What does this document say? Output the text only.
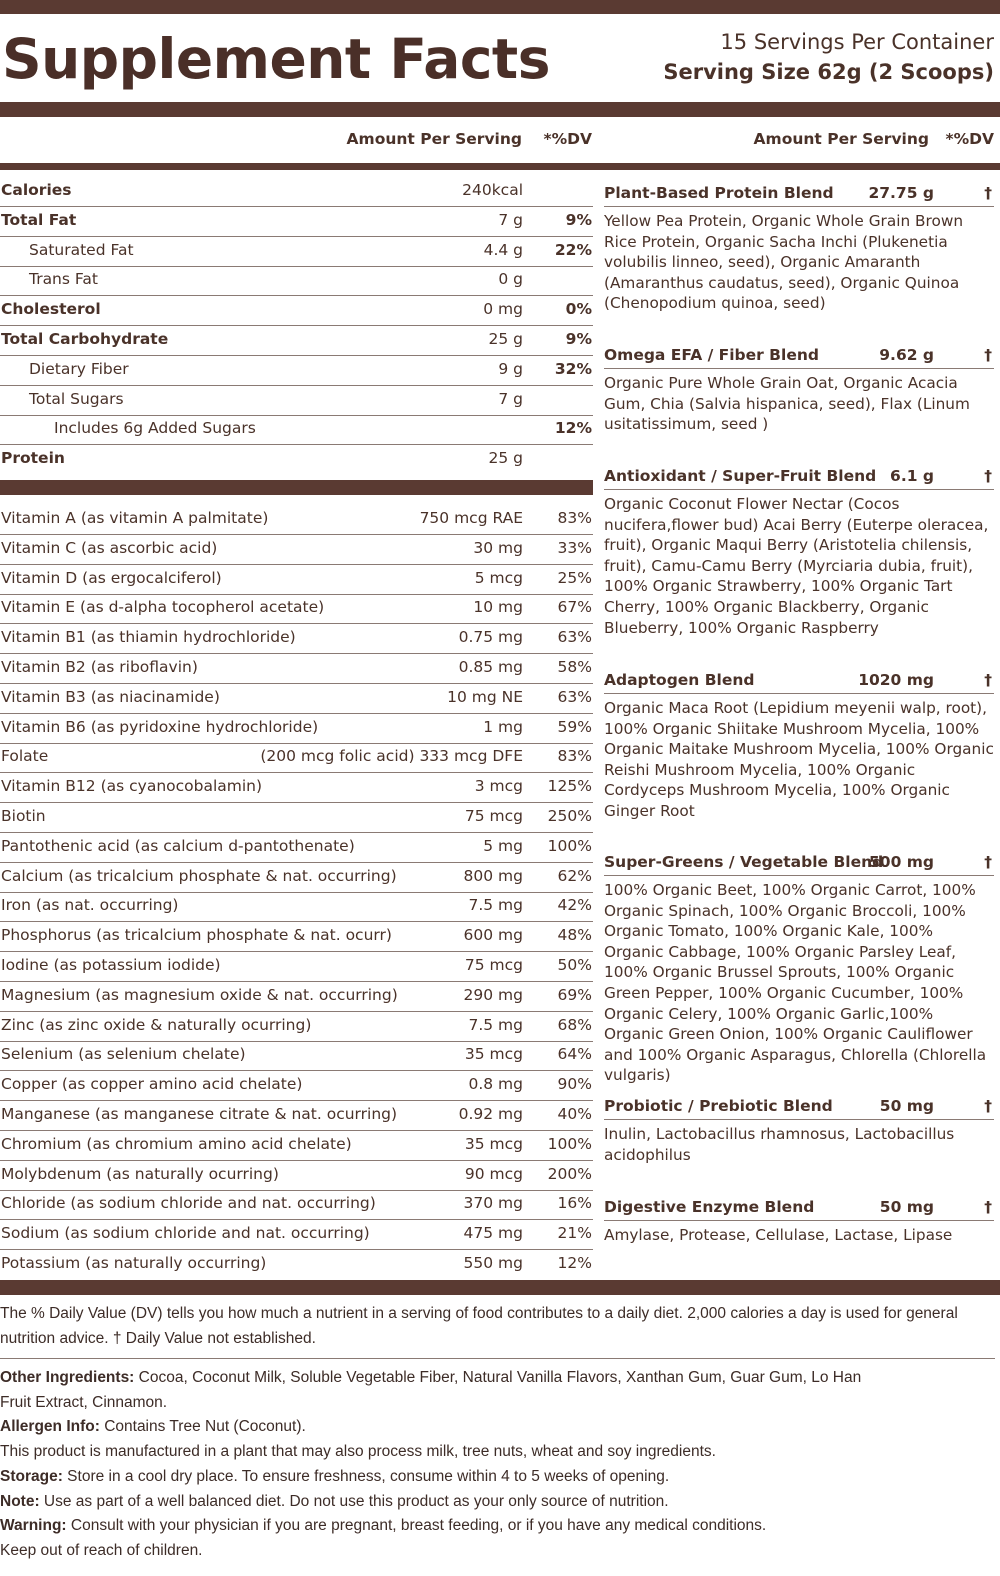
Supplement Facts	15 Servings Per Container
Serving Size 62g (2 Scoops)
Amount Per Serving *%DV	Amount Per Serving *%DV
Calories	240kcal
Total Fat	7 g	9%
Saturated Fat	4.4 g 22%
Trans Fat	0 g
Cholesterol	0 mg	0%
Total Carbohydrate	25 g	9%
Dietary Fiber	9 g 32%
Total Sugars	7 g
Includes 6g Added Sugars	12%
Protein	25 g
Vitamin A (as vitamin A palmitate)	750 mcg RAE 83%
Vitamin C (as ascorbic acid)	30 mg 33%
Vitamin D (as ergocalciferol)	5 mcg 25%
Vitamin E (as d-alpha tocopherol acetate)	10 mg 67%
Vitamin B1 (as thiamin hydrochloride)	0.75 mg 63%
Vitamin B2 (as riboflavin)	0.85 mg 58%
Vitamin B3 (as niacinamide)	10 mg NE 63%
Vitamin B6 (as pyridoxine hydrochloride)	1 mg 59%
Folate	(200 mcg folic acid) 333 mcg DFE 83%
Vitamin B12 (as cyanocobalamin)	3 mcg 125%
Biotin	75 mcg 250%
Pantothenic acid (as calcium d-pantothenate)	5 mg 100%
Calcium (as tricalcium phosphate & nat. occurring)	800 mg 62%
Iron (as nat. occurring)	7.5 mg 42%
Phosphorus (as tricalcium phosphate & nat. ocurr)	600 mg 48%
Iodine (as potassium iodide)	75 mcg 50%
Magnesium (as magnesium oxide & nat. occurring)	290 mg 69%
Zinc (as zinc oxide & naturally ocurring)	7.5 mg 68%
Selenium (as selenium chelate)	35 mcg 64%
Copper (as copper amino acid chelate)	0.8 mg 90%
Manganese (as manganese citrate & nat. ocurring)	0.92 mg 40%
Chromium (as chromium amino acid chelate)	35 mcg 100%
Molybdenum (as naturally ocurring)	90 mcg 200%
Chloride (as sodium chloride and nat. occurring)	370 mg 16%
Sodium (as sodium chloride and nat. occurring)	475 mg 21%
Potassium (as naturally occurring)	550 mg 12%
Plant-Based Protein Blend 27.75 g	†
Yellow Pea Protein, Organic Whole Grain Brown Rice Protein, Organic Sacha Inchi (Plukenetia volubilis linneo, seed), Organic Amaranth (Amaranthus caudatus, seed), Organic Quinoa (Chenopodium quinoa, seed)
Omega EFA / Fiber Blend	9.62 g	†
Organic Pure Whole Grain Oat, Organic Acacia Gum, Chia (Salvia hispanica, seed), Flax (Linum usitatissimum, seed )
Antioxidant / Super-Fruit Blend 6.1 g	†
Organic Coconut Flower Nectar (Cocos nucifera,flower bud) Acai Berry (Euterpe oleracea, fruit), Organic Maqui Berry (Aristotelia chilensis, fruit), Camu-Camu Berry (Myrciaria dubia, fruit), 100% Organic Strawberry, 100% Organic Tart Cherry, 100% Organic Blackberry, Organic Blueberry, 100% Organic Raspberry
Adaptogen Blend	1020 mg	†
Organic Maca Root (Lepidium meyenii walp, root), 100% Organic Shiitake Mushroom Mycelia, 100% Organic Maitake Mushroom Mycelia, 100% Organic Reishi Mushroom Mycelia, 100% Organic Cordyceps Mushroom Mycelia, 100% Organic Ginger Root
Super-Greens / Vegetable Blend
500 mg	†
100% Organic Beet, 100% Organic Carrot, 100% Organic Spinach, 100% Organic Broccoli, 100% Organic Tomato, 100% Organic Kale, 100% Organic Cabbage, 100% Organic Parsley Leaf, 100% Organic Brussel Sprouts, 100% Organic Green Pepper, 100% Organic Cucumber, 100% Organic Celery, 100% Organic Garlic,100% Organic Green Onion, 100% Organic Cauliflower and 100% Organic Asparagus, Chlorella (Chlorella vulgaris)
Probiotic / Prebiotic Blend	50 mg	†
Inulin, Lactobacillus rhamnosus, Lactobacillus acidophilus
Digestive Enzyme Blend	50 mg	†
Amylase, Protease, Cellulase, Lactase, Lipase

The % Daily Value (DV) tells you how much a nutrient in a serving of food contributes to a daily diet. 2,000 calories a day is used for general nutrition advice. † Daily Value not established.

Other Ingredients: Cocoa, Coconut Milk, Soluble Vegetable Fiber, Natural Vanilla Flavors, Xanthan Gum, Guar Gum, Lo Han Fruit Extract, Cinnamon.

Allergen Info: Contains Tree Nut (Coconut).

This product is manufactured in a plant that may also process milk, tree nuts, wheat and soy ingredients.

Storage: Store in a cool dry place. To ensure freshness, consume within 4 to 5 weeks of opening.

Note: Use as part of a well balanced diet. Do not use this product as your only source of nutrition.

Warning: Consult with your physician if you are pregnant, breast feeding, or if you have any medical conditions.

Keep out of reach of children.
